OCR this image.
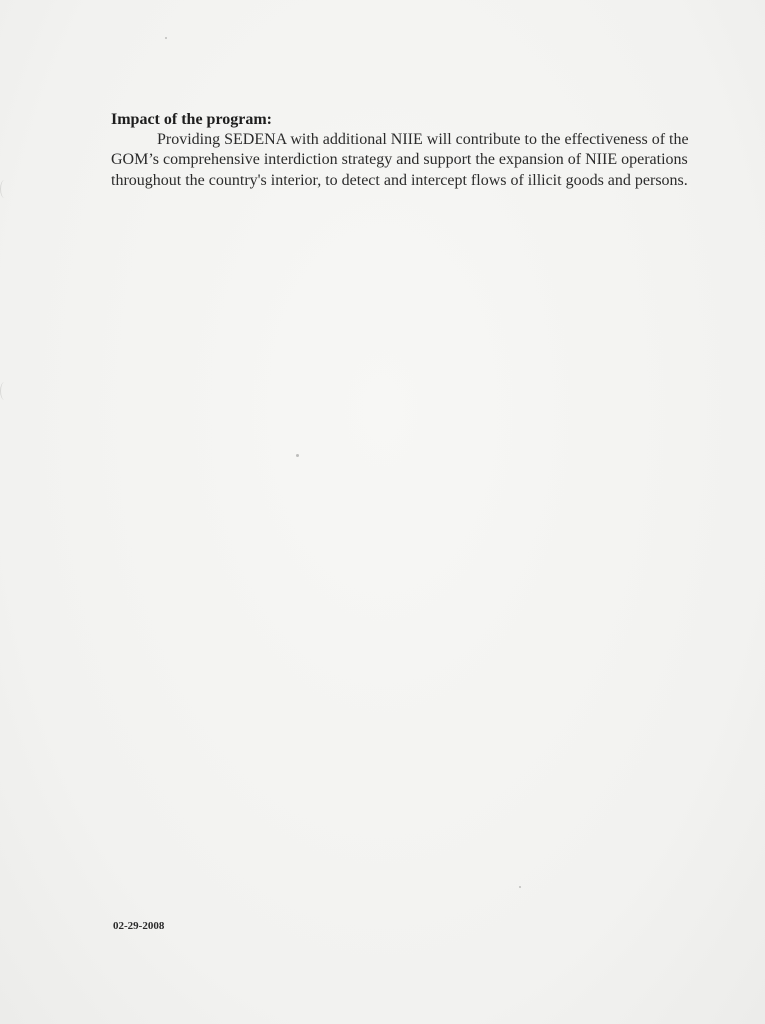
Impact of the program:

Providing SEDENA with additional NIIE will contribute to the effectiveness of the GOM’s comprehensive interdiction strategy and support the expansion of NIIE operations throughout the country's interior, to detect and intercept flows of illicit goods and persons.

02-29-2008
